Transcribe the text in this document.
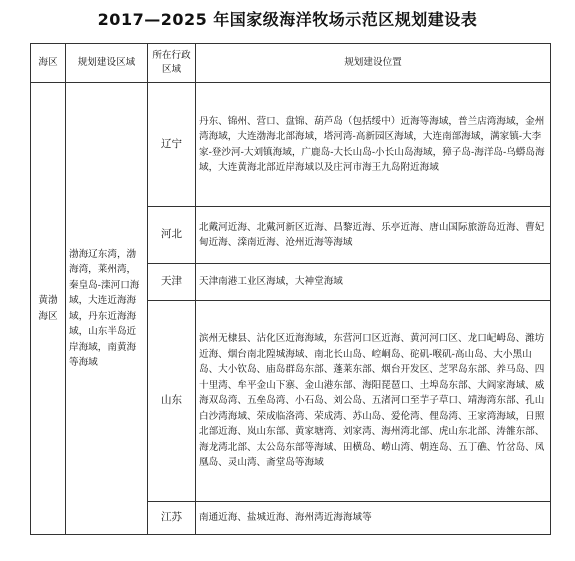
2017—2025 年国家级海洋牧场示范区规划建设表
海区	规划建设区域	所在行政区域	规划建设位置
黄渤海区	渤海辽东湾，渤海湾，莱州湾，秦皇岛-滦河口海域，大连近海海域，丹东近海海域，山东半岛近岸海域，南黄海等海域	辽宁	丹东、锦州、营口、盘锦、葫芦岛（包括绥中）近海等海域，普兰店湾海域，金州湾海域，大连渤海北部海域，塔河湾-高新园区海域，大连南部海域，满家镇-大李家-登沙河-大刘镇海域，广鹿岛-大长山岛-小长山岛海域，獐子岛-海洋岛-乌蟒岛海域，大连黄海北部近岸海域以及庄河市海王九岛附近海域
		河北	北戴河近海、北戴河新区近海、昌黎近海、乐亭近海、唐山国际旅游岛近海、曹妃甸近海、滦南近海、沧州近海等海域
		天津	天津南港工业区海域，大神堂海域
		山东	滨州无棣县、沾化区近海海域，东营河口区近海、黄河河口区、龙口屺㟂岛、潍坊近海、烟台南北隍城海域、南北长山岛、崆峒岛、砣矶-喉矶-高山岛、大小黑山岛、大小钦岛、庙岛群岛东部、蓬莱东部、烟台开发区、芝罘岛东部、养马岛、四十里湾、牟平金山下寨、金山港东部、海阳琵琶口、土埠岛东部、大阎家海域、威海双岛湾、五垒岛湾、小石岛、刘公岛、五渚河口至芋子草口、靖海湾东部、孔山白沙湾海域、荣成临洛湾、荣成湾、苏山岛、爱伦湾、俚岛湾、王家湾海域，日照北部近海、岚山东部、黄家塘湾、刘家湾、海州湾北部、虎山东北部、涛雒东部、海龙湾北部、太公岛东部等海域、田横岛、崂山湾、朝连岛、五丁礁、竹岔岛、凤凰岛、灵山湾、斋堂岛等海域
		江苏	南通近海、盐城近海、海州湾近海海域等
